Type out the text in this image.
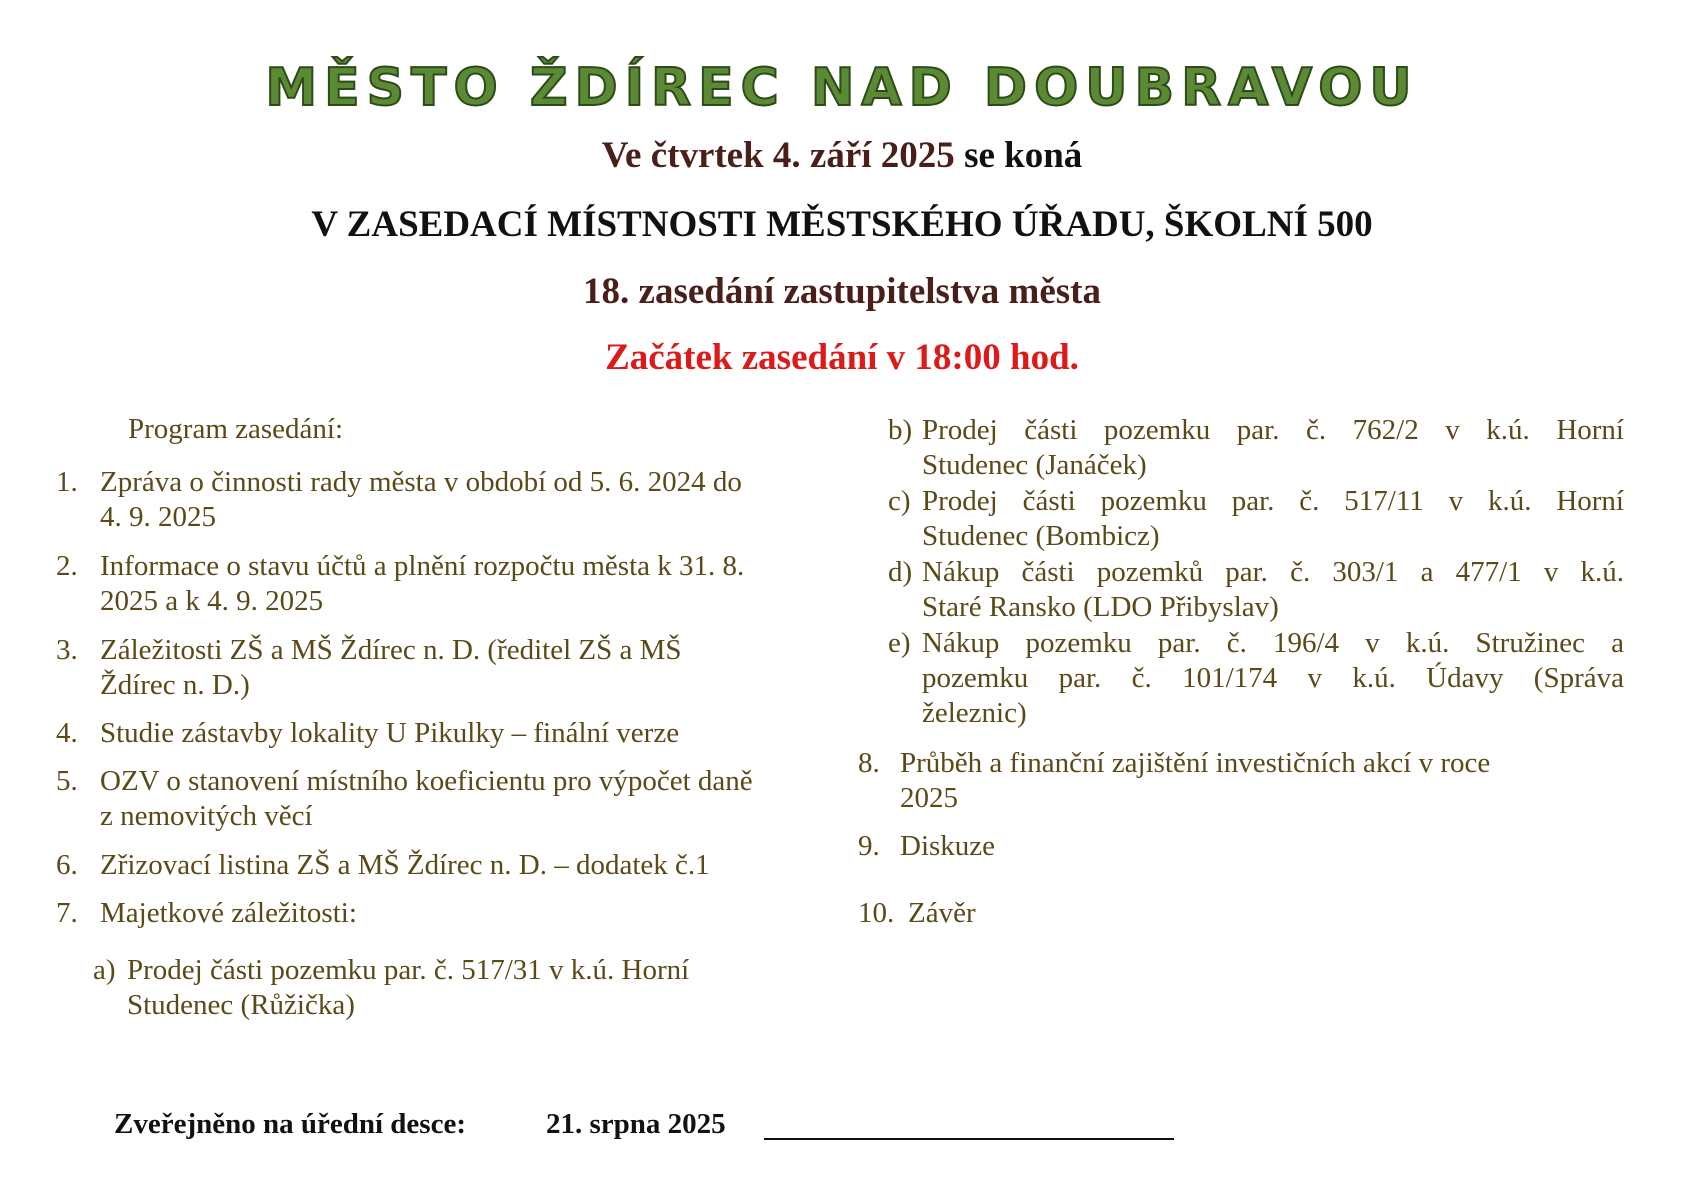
MĚSTO ŽDÍREC NAD DOUBRAVOU
Ve čtvrtek 4. září 2025 se koná
V ZASEDACÍ MÍSTNOSTI MĚSTSKÉHO ÚŘADU, ŠKOLNÍ 500
18. zasedání zastupitelstva města
Začátek zasedání v 18:00 hod.
Program zasedání:
1. Zpráva o činnosti rady města v období od 5. 6. 2024 do
4. 9. 2025
2. Informace o stavu účtů a plnění rozpočtu města k 31. 8.
2025 a k 4. 9. 2025
3. Záležitosti ZŠ a MŠ Ždírec n. D. (ředitel ZŠ a MŠ
Ždírec n. D.)
4. Studie zástavby lokality U Pikulky – finální verze
5. OZV o stanovení místního koeficientu pro výpočet daně
z nemovitých věcí
6. Zřizovací listina ZŠ a MŠ Ždírec n. D. – dodatek č.1
7. Majetkové záležitosti:
a) Prodej části pozemku par. č. 517/31 v k.ú. Horní
Studenec (Růžička)
b) Prodej části pozemku par. č. 762/2 v k.ú. Horní
Studenec (Janáček)
c) Prodej části pozemku par. č. 517/11 v k.ú. Horní
Studenec (Bombicz)
d) Nákup části pozemků par. č. 303/1 a 477/1 v k.ú.
Staré Ransko (LDO Přibyslav)
e) Nákup pozemku par. č. 196/4 v k.ú. Stružinec a
pozemku par. č. 101/174 v k.ú. Údavy (Správa
železnic)
8. Průběh a finanční zajištění investičních akcí v roce
2025
9. Diskuze
10. Závěr
Zveřejněno na úřední desce:	21. srpna 2025
